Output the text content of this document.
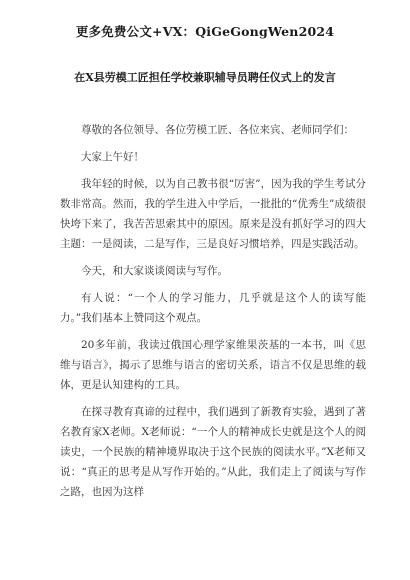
更多免费公文+VX：QiGeGongWen2024
在X县劳模工匠担任学校兼职辅导员聘任仪式上的发言

尊敬的各位领导、各位劳模工匠、各位来宾、老师同学们：

大家上午好！

我年轻的时候，以为自己教书很“厉害”，因为我的学生考试分数非常高。然而，我的学生进入中学后，一批批的“优秀生”成绩很快垮下来了，我苦苦思索其中的原因。原来是没有抓好学习的四大主题：一是阅读，二是写作，三是良好习惯培养，四是实践活动。

今天，和大家谈谈阅读与写作。

有人说：“一个人的学习能力，几乎就是这个人的读写能力。”我们基本上赞同这个观点。

20多年前，我读过俄国心理学家维果茨基的一本书，叫《思维与语言》，揭示了思维与语言的密切关系，语言不仅是思维的载体，更是认知建构的工具。

在探寻教育真谛的过程中，我们遇到了新教育实验，遇到了著名教育家X老师。X老师说：“一个人的精神成长史就是这个人的阅读史，一个民族的精神境界取决于这个民族的阅读水平。”X老师又说：“真正的思考是从写作开始的。”从此，我们走上了阅读与写作之路，也因为这样
